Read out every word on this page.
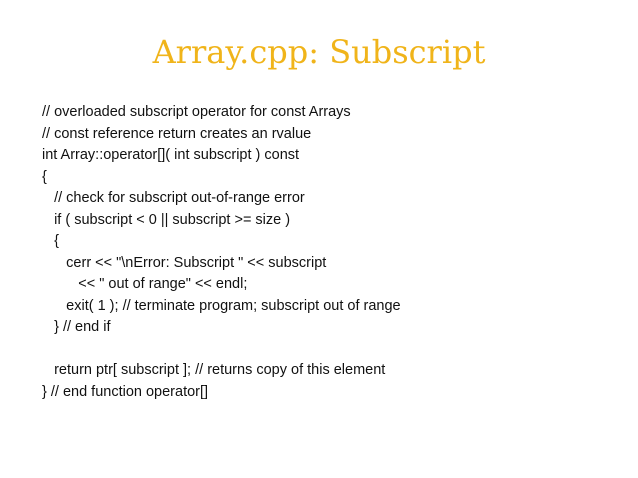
Array.cpp: Subscript
// overloaded subscript operator for const Arrays
// const reference return creates an rvalue
int Array::operator[]( int subscript ) const
{
// check for subscript out-of-range error
if ( subscript < 0 || subscript >= size )
{
cerr << "\nError: Subscript " << subscript
<< " out of range" << endl;
exit( 1 ); // terminate program; subscript out of range
} // end if
return ptr[ subscript ]; // returns copy of this element
} // end function operator[]
